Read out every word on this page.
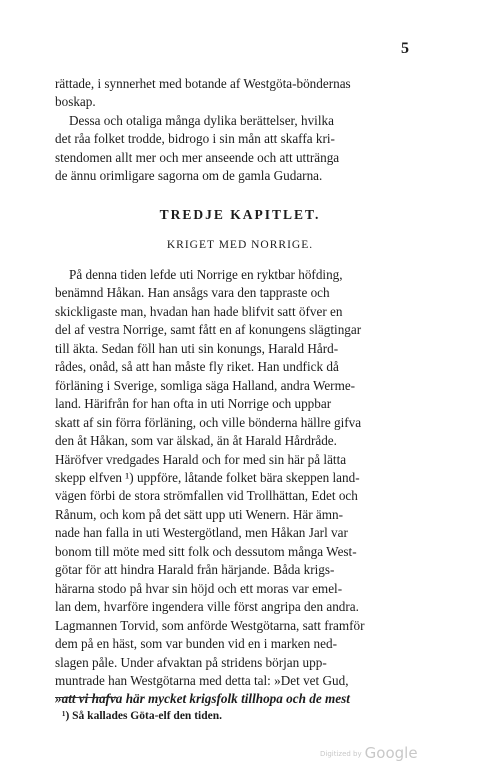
5
rättade, i synnerhet med botande af Westgöta-böndernas
boskap.
Dessa och otaliga många dylika berättelser, hvilka
det råa folket trodde, bidrogo i sin mån att skaffa kri-
stendomen allt mer och mer anseende och att uttränga
de ännu orimligare sagorna om de gamla Gudarna.
TREDJE KAPITLET.
KRIGET MED NORRIGE.
På denna tiden lefde uti Norrige en ryktbar höfding,
benämnd Håkan. Han ansågs vara den tappraste och
skickligaste man, hvadan han hade blifvit satt öfver en
del af vestra Norrige, samt fått en af konungens slägtingar
till äkta. Sedan föll han uti sin konungs, Harald Hård-
rådes, onåd, så att han måste fly riket. Han undfick då
förläning i Sverige, somliga säga Halland, andra Werme-
land. Härifrån for han ofta in uti Norrige och uppbar
skatt af sin förra förläning, och ville bönderna hällre gifva
den åt Håkan, som var älskad, än åt Harald Hårdråde.
Häröfver vredgades Harald och for med sin här på lätta
skepp elfven ¹) uppföre, låtande folket bära skeppen land-
vägen förbi de stora strömfallen vid Trollhättan, Edet och
Rånum, och kom på det sätt upp uti Wenern. Här ämn-
nade han falla in uti Westergötland, men Håkan Jarl var
bonom till möte med sitt folk och dessutom många West-
götar för att hindra Harald från härjande. Båda krigs-
härarna stodo på hvar sin höjd och ett moras var emel-
lan dem, hvarföre ingendera ville först angripa den andra.
Lagmannen Torvid, som anförde Westgötarna, satt framför
dem på en häst, som var bunden vid en i marken ned-
slagen påle. Under afvaktan på stridens början upp-
muntrade han Westgötarna med detta tal: »Det vet Gud,
»att vi hafva här mycket krigsfolk tillhopa och de mest
¹) Så kallades Göta-elf den tiden.
Digitized by Google
